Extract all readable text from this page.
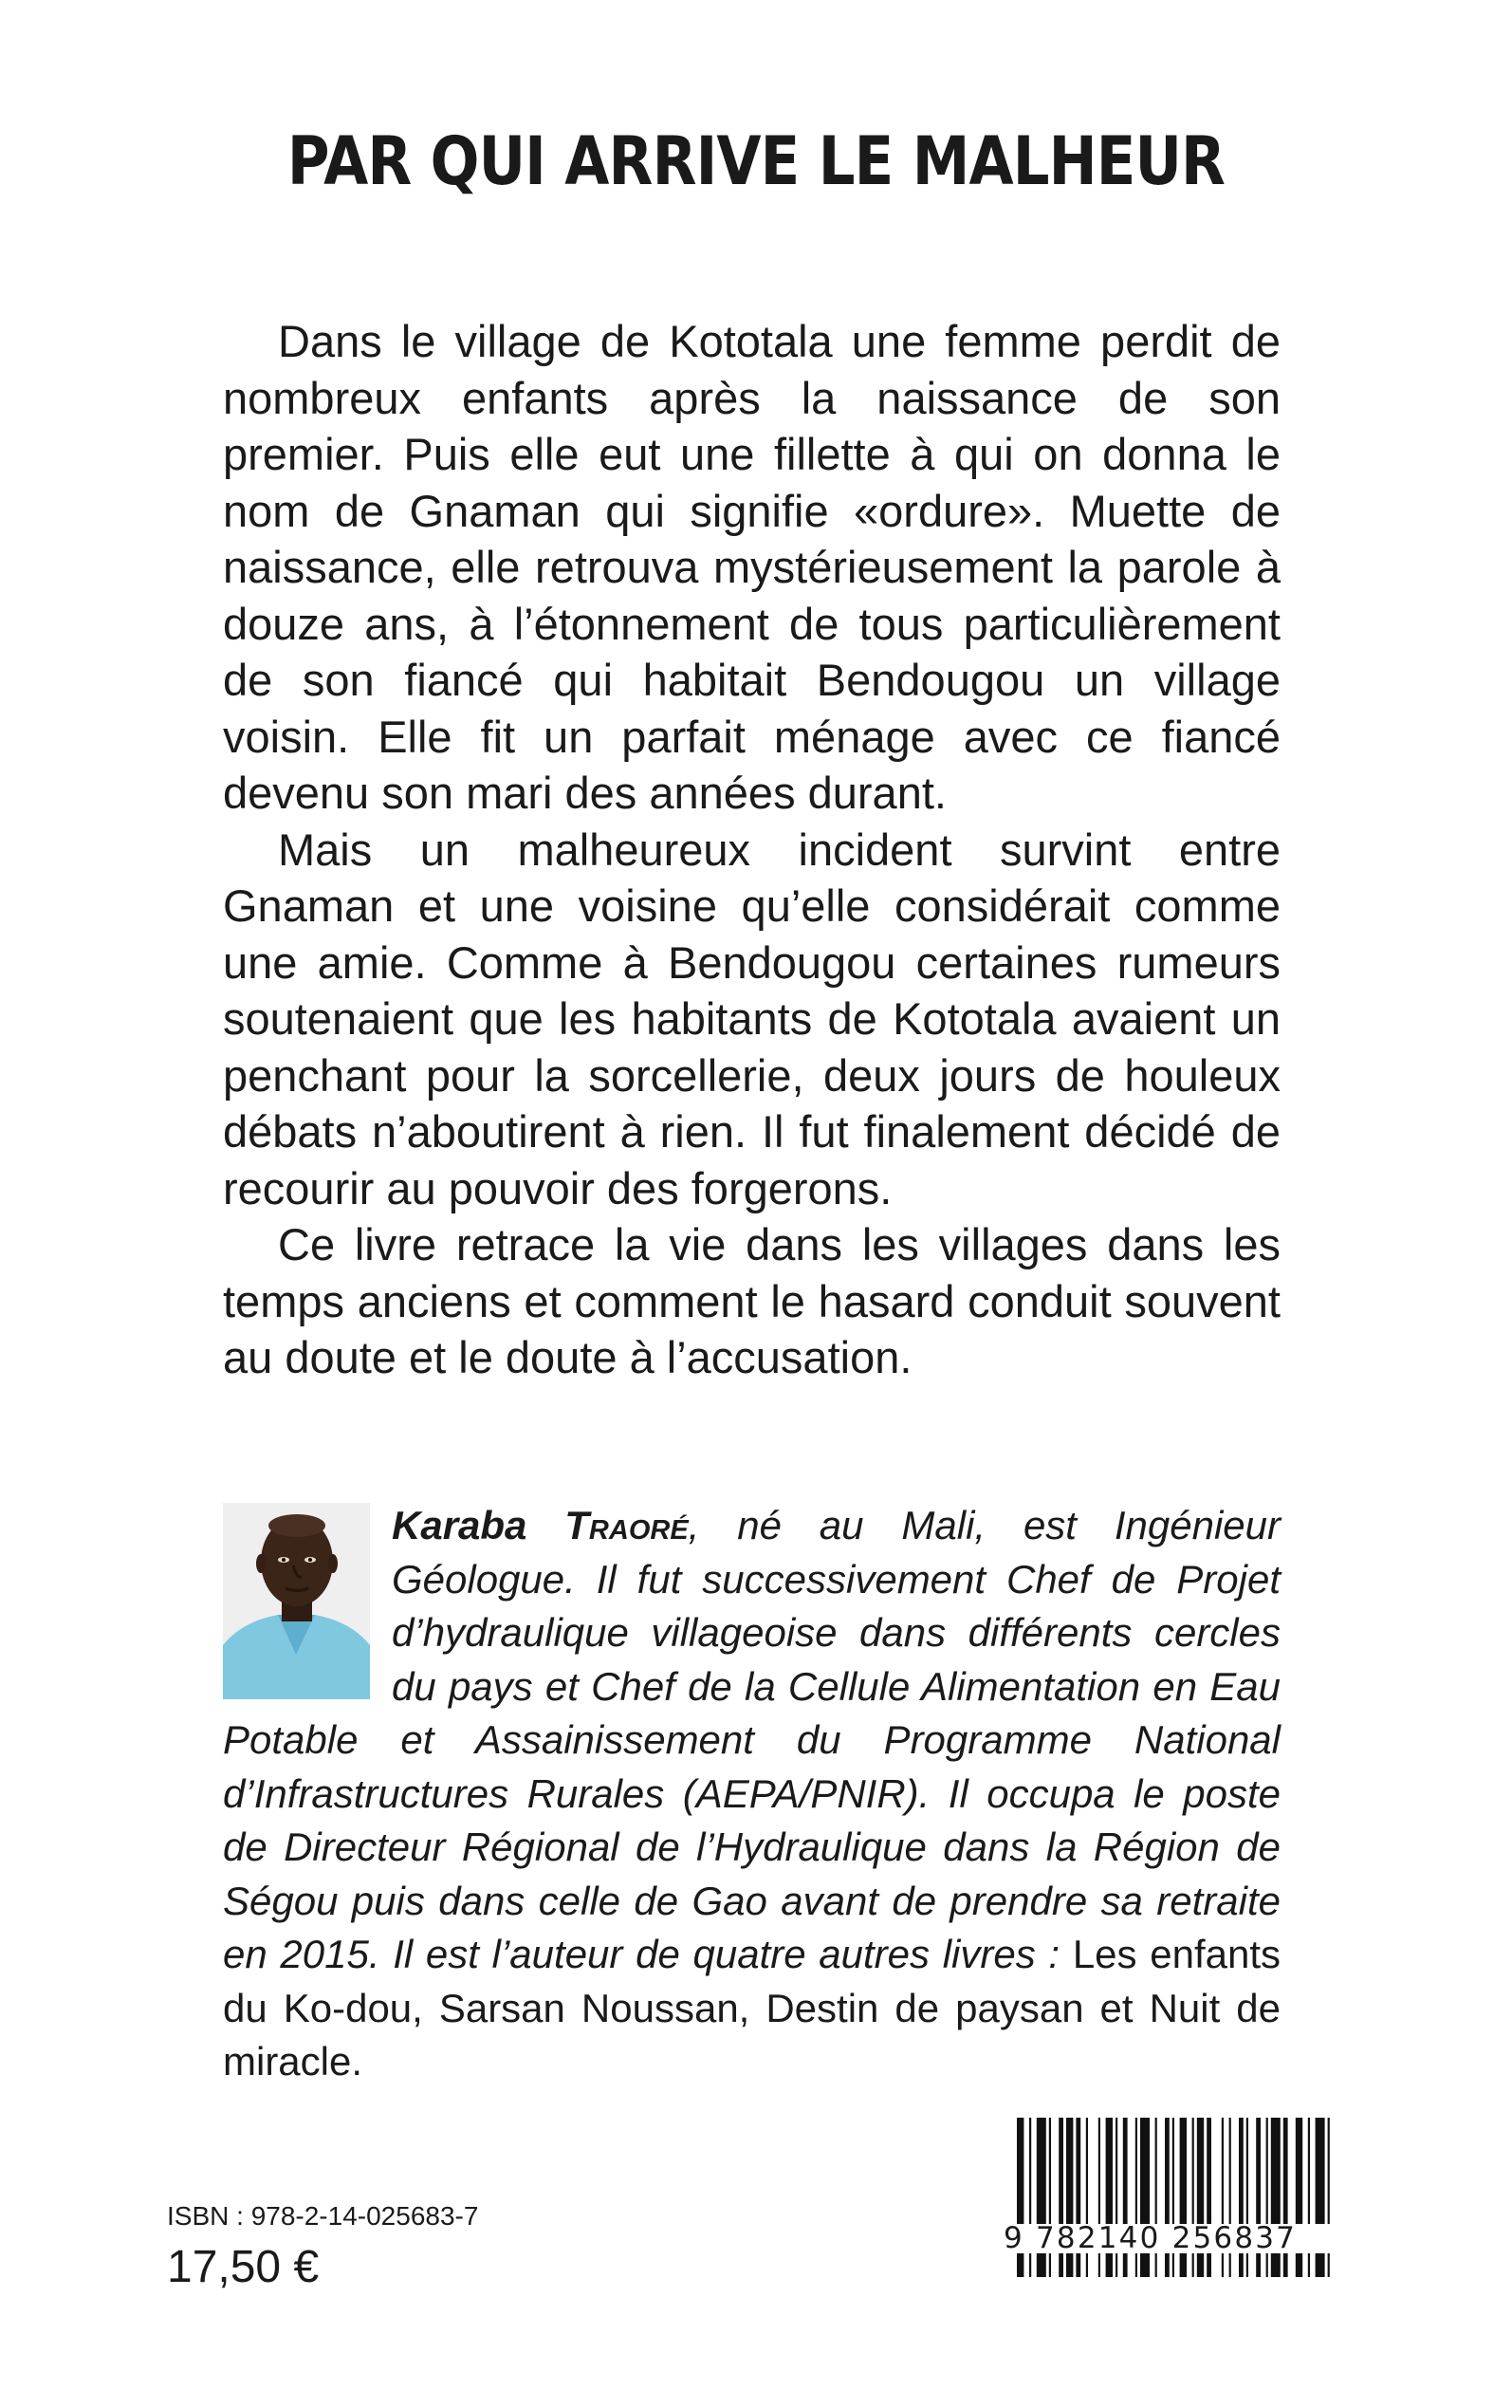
PAR QUI ARRIVE LE MALHEUR

Dans le village de Kototala une femme perdit de nombreux enfants après la naissance de son premier. Puis elle eut une fillette à qui on donna le nom de Gnaman qui signifie «ordure». Muette de naissance, elle retrouva mystérieusement la parole à douze ans, à l’étonnement de tous particulièrement de son fiancé qui habitait Bendougou un village voisin. Elle fit un parfait ménage avec ce fiancé devenu son mari des années durant.

Mais un malheureux incident survint entre Gnaman et une voisine qu’elle considérait comme une amie. Comme à Bendougou certaines rumeurs soutenaient que les habitants de Kototala avaient un penchant pour la sorcellerie, deux jours de houleux débats n’aboutirent à rien. Il fut finalement décidé de recourir au pouvoir des forgerons.

Ce livre retrace la vie dans les villages dans les temps anciens et comment le hasard conduit souvent au doute et le doute à l’accusation.

Karaba Traoré, né au Mali, est Ingénieur Géologue. Il fut successivement Chef de Projet d’hydraulique villageoise dans différents cercles du pays et Chef de la Cellule Alimentation en Eau Potable et Assainissement du Programme National d’Infrastructures Rurales (AEPA/PNIR). Il occupa le poste de Directeur Régional de l’Hydraulique dans la Région de Ségou puis dans celle de Gao avant de prendre sa retraite en 2015. Il est l’auteur de quatre autres livres : Les enfants du Ko-dou, Sarsan Noussan, Destin de paysan et Nuit de miracle.

ISBN : 978-2-14-025683-7
17,50 €
9 782140 256837
